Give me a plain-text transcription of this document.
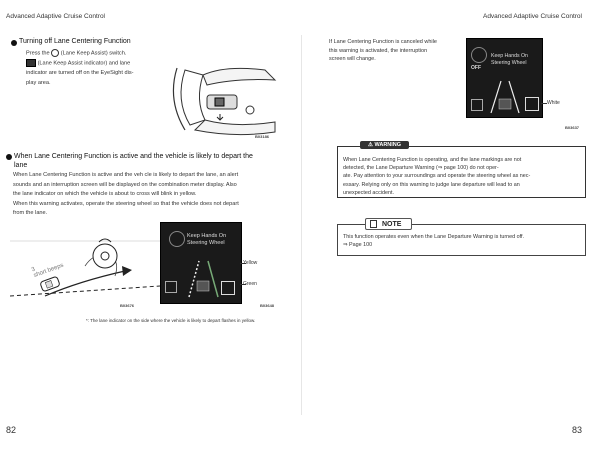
Advanced Adaptive Cruise Control	Advanced Adaptive Cruise Control
Turning off Lane Centering Function
Press the (Lane Keep Assist) switch.
(Lane Keep Assist indicator) and lane
indicator are turned off on the EyeSight dis-
play area.
B03186
When Lane Centering Function is active and the vehicle is likely to depart the
lane
When Lane Centering Function is active and the veh cle is likely to depart the lane, an alert
sounds and an interruption screen will be displayed on the combination meter display. Also
the lane indicator on which the vehicle is about to cross will blink in yellow.
When this warning activates, operate the steering wheel so that the vehicle does not depart
from the lane.
3
short beeps
B03676
Keep Hands On
Steering Wheel
Yellow
Green
B03648
*: The lane indicator on the side where the vehicle is likely to depart flashes in yellow.
82
If Lane Centering Function is canceled while
this warning is activated, the interruption
screen will change.
OFF
Keep Hands On
Steering Wheel
White
B03637
⚠ WARNING
When Lane Centering Function is operating, and the lane markings are not
detected, the Lane Departure Warning (⇒ page 100) do not oper-
ate. Pay attention to your surroundings and operate the steering wheel as nec-
essary. Relying only on this warning to judge lane departure will lead to an
unexpected accident.
NOTE
This function operates even when the Lane Departure Warning is turned off.
⇒ Page 100
83
